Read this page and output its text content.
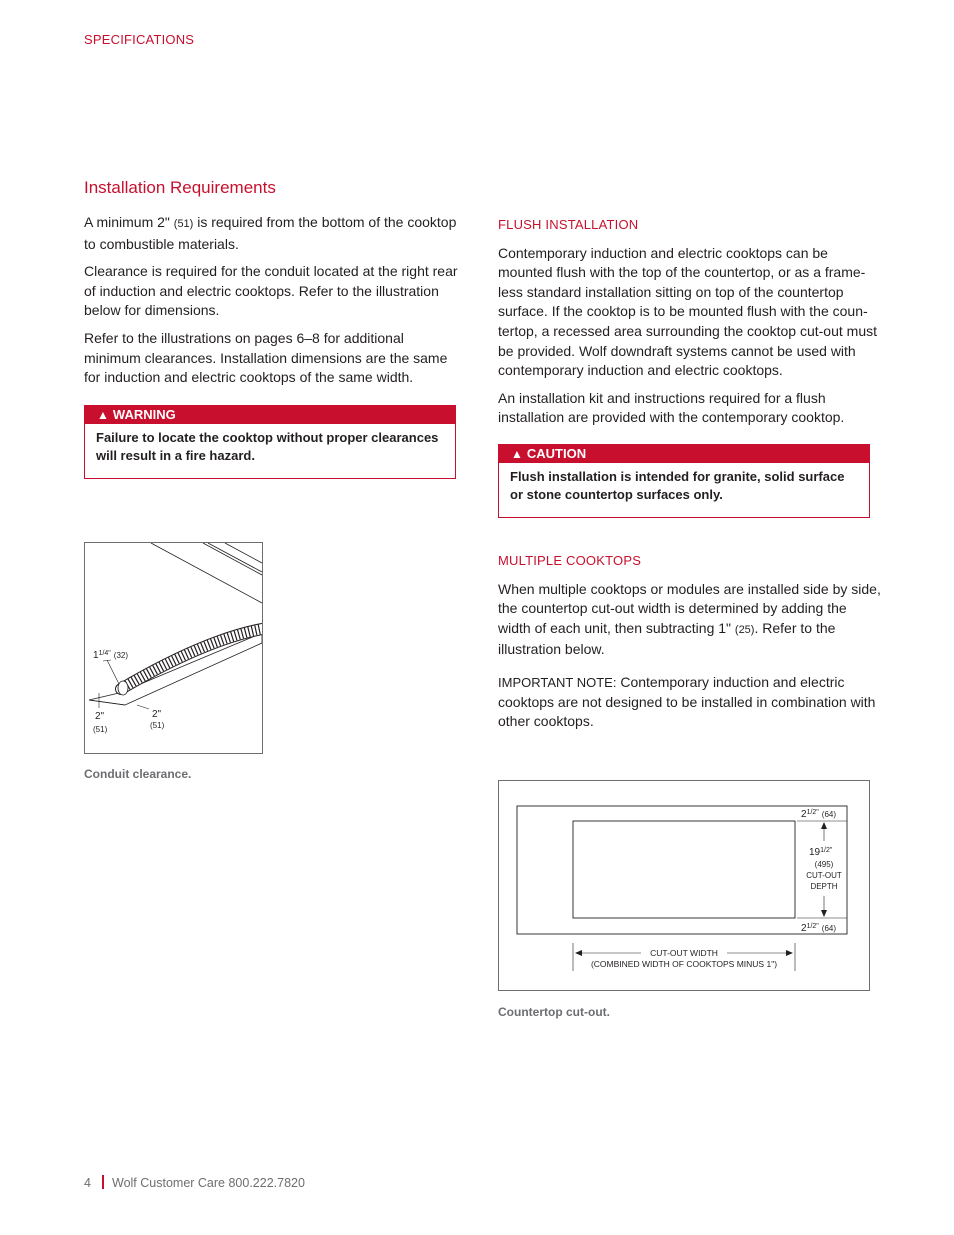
SPECIFICATIONS
Installation Requirements

A minimum 2" (51) is required from the bottom of the cooktop to combustible materials.

Clearance is required for the conduit located at the right rear of induction and electric cooktops. Refer to the illustration below for dimensions.

Refer to the illustrations on pages 6–8 for additional minimum clearances. Installation dimensions are the same for induction and electric cooktops of the same width.

▲ WARNING
Failure to locate the cooktop without proper clearances will result in a fire hazard.
$1^{1/4"}$ $_{(32)}$
2"
(51)
2"
(51)
Conduit clearance.
FLUSH INSTALLATION

Contemporary induction and electric cooktops can be mounted flush with the top of the countertop, or as a frame-less standard installation sitting on top of the countertop surface. If the cooktop is to be mounted flush with the coun-tertop, a recessed area surrounding the cooktop cut-out must be provided. Wolf downdraft systems cannot be used with contemporary induction and electric cooktops.

An installation kit and instructions required for a flush installation are provided with the contemporary cooktop.

▲ CAUTION
Flush installation is intended for granite, solid surface or stone countertop surfaces only.
MULTIPLE COOKTOPS

When multiple cooktops or modules are installed side by side, the countertop cut-out width is determined by adding the width of each unit, then subtracting 1" (25). Refer to the illustration below.

IMPORTANT NOTE: Contemporary induction and electric cooktops are not designed to be installed in combination with other cooktops.

$2^{1/2"}$ $_{(64)}$
$19^{1/2"}$
(495)
CUT-OUT
DEPTH
$2^{1/2"}$ $_{(64)}$
CUT-OUT WIDTH
(COMBINED WIDTH OF COOKTOPS MINUS 1")
Countertop cut-out.
4 Wolf Customer Care 800.222.7820
